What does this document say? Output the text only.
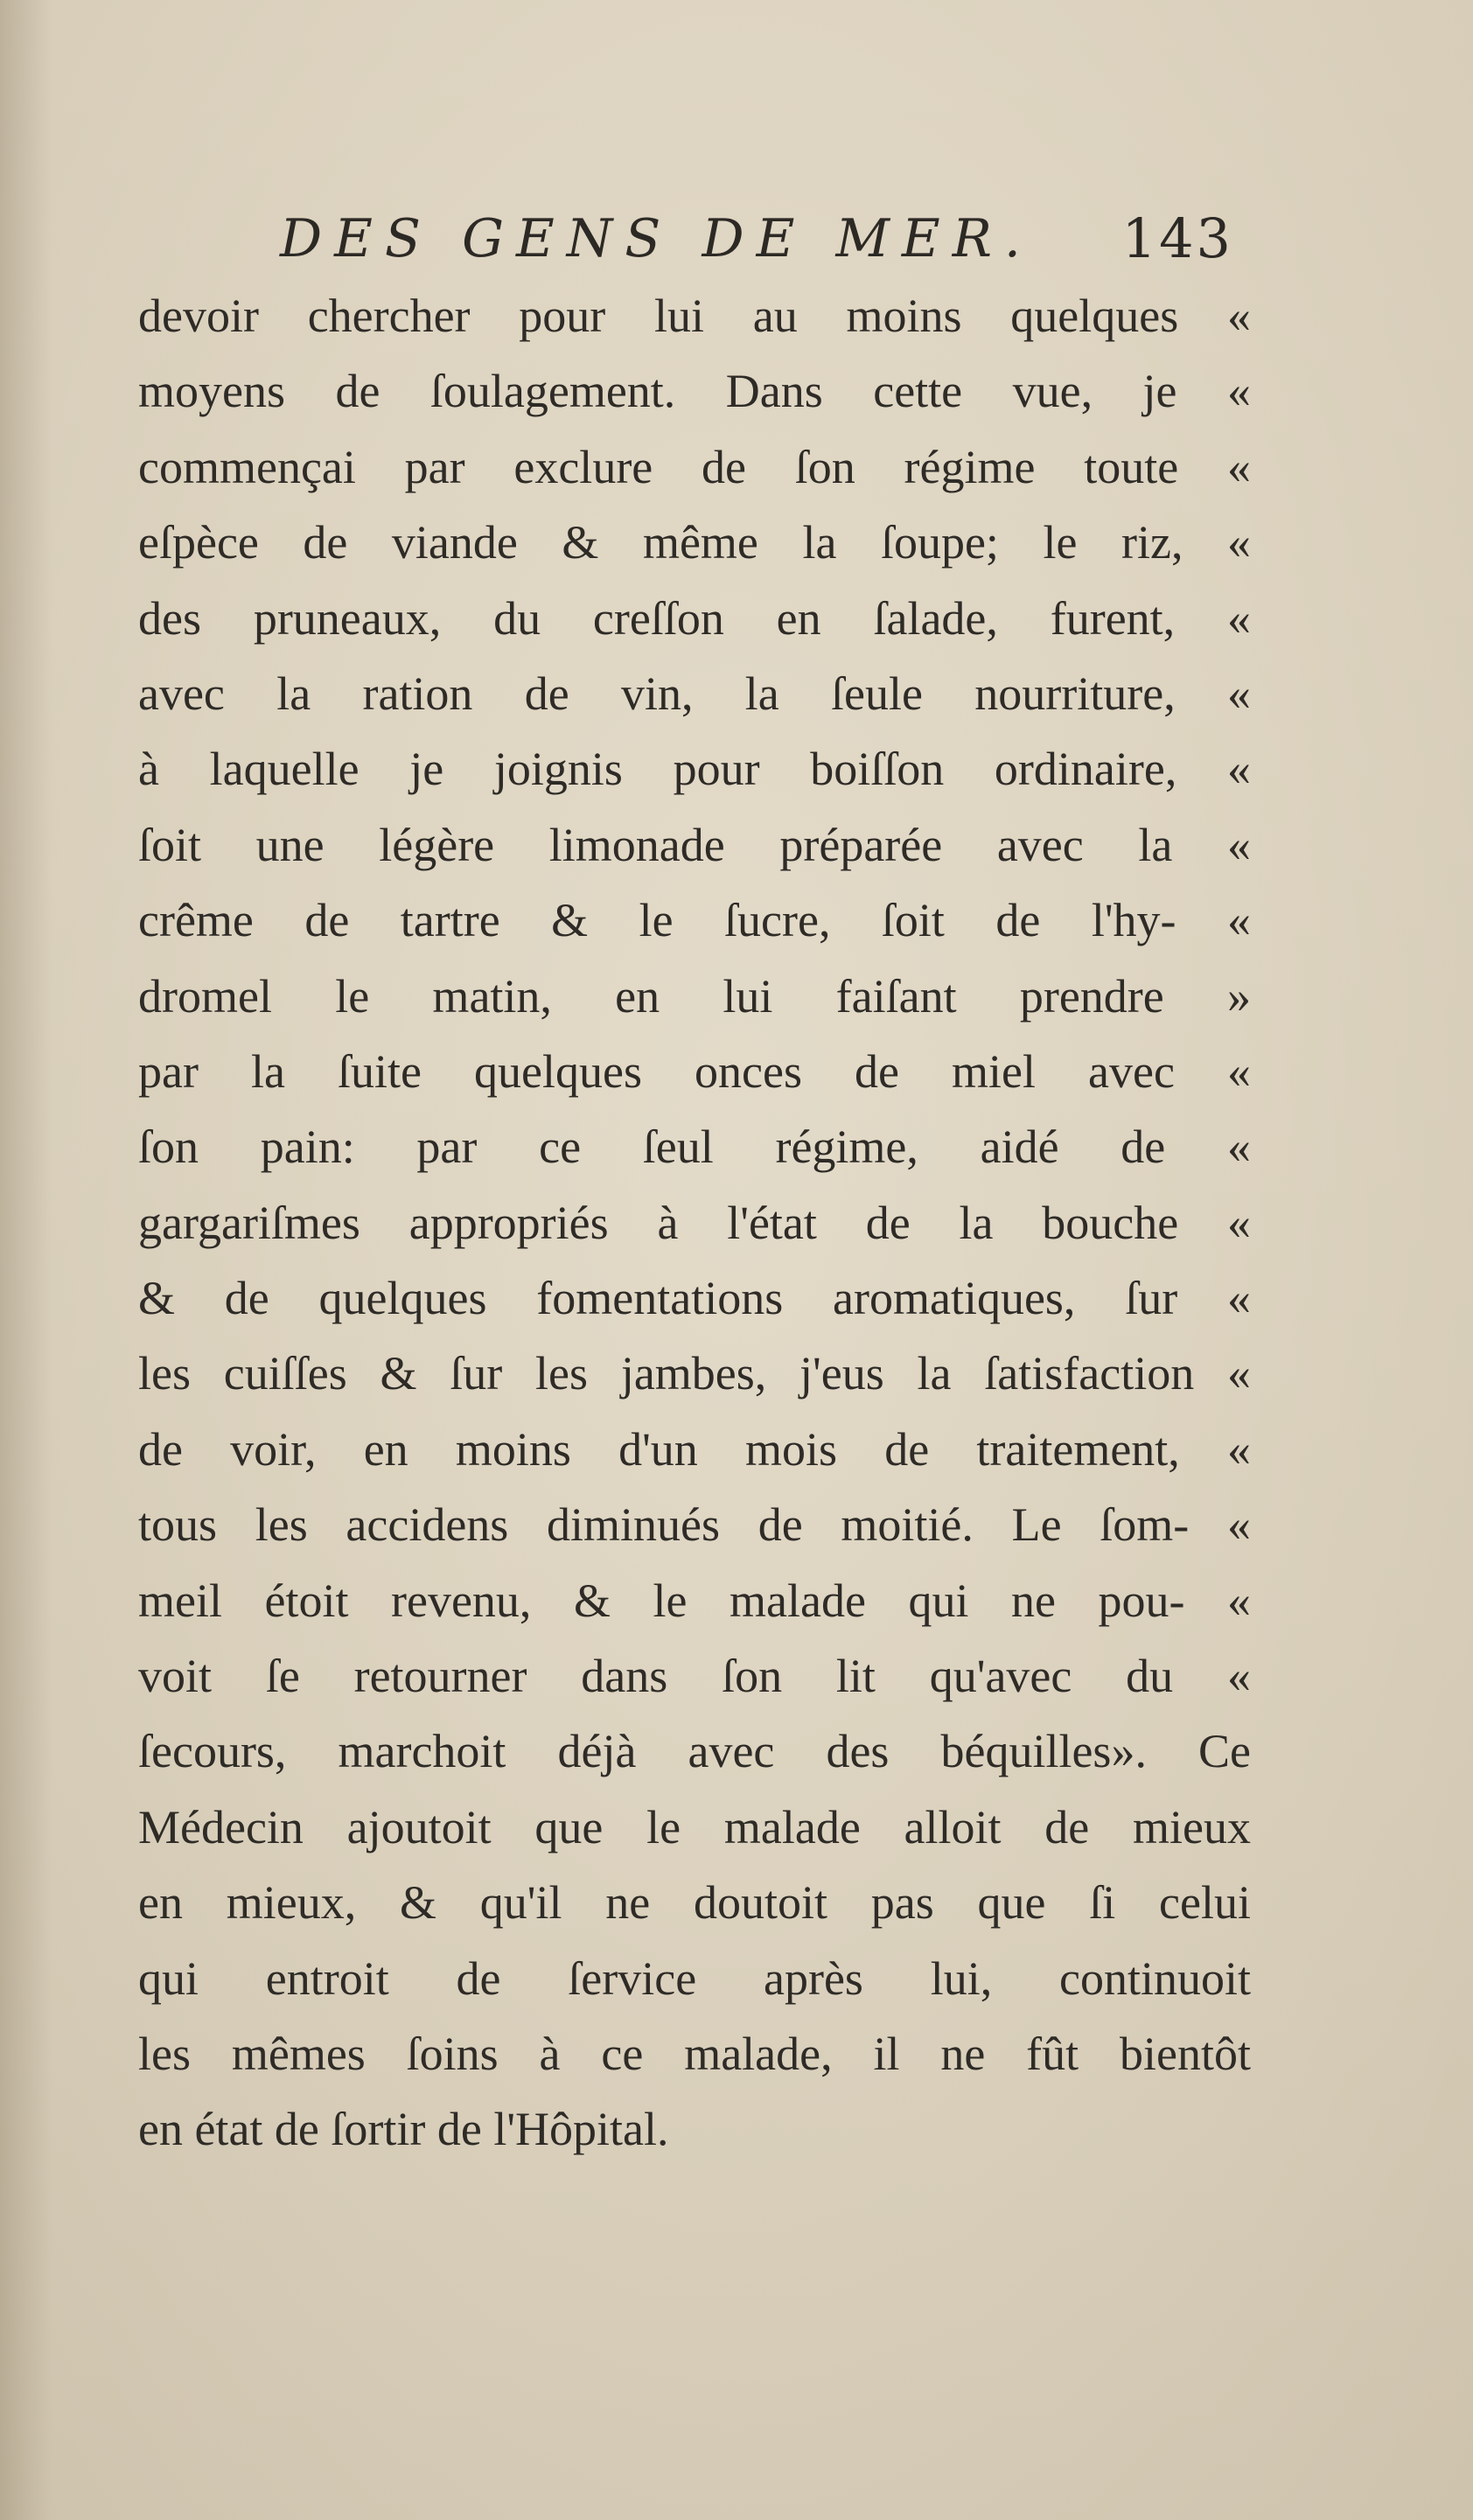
DES GENS DE MER. 143
devoir chercher pour lui au moins quelques «
moyens de ſoulagement. Dans cette vue, je «
commençai par exclure de ſon régime toute «
eſpèce de viande & même la ſoupe; le riz, «
des pruneaux, du creſſon en ſalade, furent, «
avec la ration de vin, la ſeule nourriture, «
à laquelle je joignis pour boiſſon ordinaire, «
ſoit une légère limonade préparée avec la «
crême de tartre & le ſucre, ſoit de l'hy- «
dromel le matin, en lui faiſant prendre »
par la ſuite quelques onces de miel avec «
ſon pain: par ce ſeul régime, aidé de «
gargariſmes appropriés à l'état de la bouche «
& de quelques fomentations aromatiques, ſur «
les cuiſſes & ſur les jambes, j'eus la ſatisfaction «
de voir, en moins d'un mois de traitement, «
tous les accidens diminués de moitié. Le ſom- «
meil étoit revenu, & le malade qui ne pou- «
voit ſe retourner dans ſon lit qu'avec du «
ſecours, marchoit déjà avec des béquilles». Ce
Médecin ajoutoit que le malade alloit de mieux
en mieux, & qu'il ne doutoit pas que ſi celui
qui entroit de ſervice après lui, continuoit
les mêmes ſoins à ce malade, il ne fût bientôt
en état de ſortir de l'Hôpital.
